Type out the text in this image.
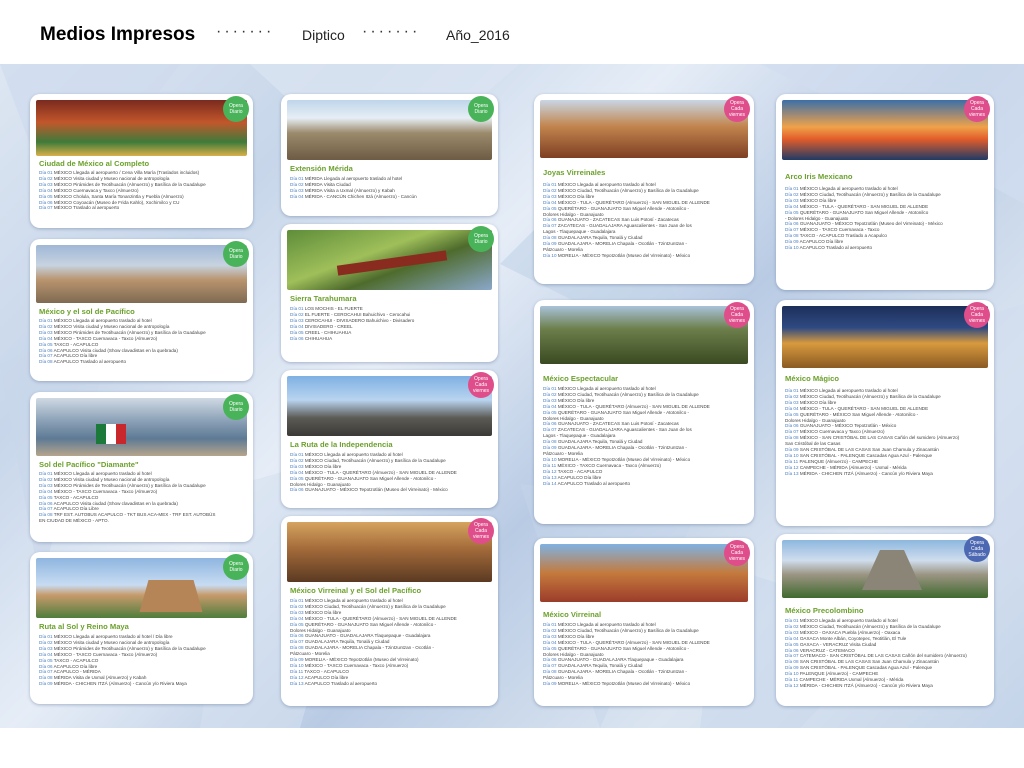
Medios Impresos ······· Diptico ······· Año_2016
Opera
Diario
Ciudad de México al Completo
Día 01 MÉXICO Llegada al aeropuerto / Cena Villa María (Traslados incluidos)
Día 02 MÉXICO Visita ciudad y Museo nacional de antropología
Día 03 MÉXICO Pirámides de Teotihuacán (Almuerzo) y Basílica de la Guadalupe
Día 04 MÉXICO Cuernavaca y Taxco (Almuerzo)
Día 05 MÉXICO Cholula, Santa María Tonanzintla y Puebla (Almuerzo)
Día 06 MÉXICO Coyoacán (Museo de Frida Kahlo), Xochimilco y CU
Día 07 MÉXICO Traslado al aeropuerto
Opera
Diario
México y el sol de Pacífico
Día 01 MÉXICO Llegada al aeropuerto traslado al hotel
Día 02 MÉXICO Visita ciudad y Museo nacional de antropología
Día 03 MÉXICO Pirámides de Teotihuacán (Almuerzo) y Basílica de la Guadalupe
Día 04 MÉXICO - TAXCO Cuernavaca - Taxco (Almuerzo)
Día 05 TAXCO - ACAPULCO
Día 06 ACAPULCO Visita ciudad (Show clavadistas en la quebrada)
Día 07 ACAPULCO Día libre
Día 08 ACAPULCO Traslado al aeropuerto
Opera
Diario
Sol del Pacífico "Diamante"
Día 01 MÉXICO Llegada al aeropuerto traslado al hotel
Día 02 MÉXICO Visita ciudad y Museo nacional de antropología
Día 03 MÉXICO Pirámides de Teotihuacán (Almuerzo) y Basílica de la Guadalupe
Día 04 MÉXICO - TAXCO Cuernavaca - Taxco (Almuerzo)
Día 05 TAXCO - ACAPULCO
Día 06 ACAPULCO Visita ciudad (Show clavadistas en la quebrada)
Día 07 ACAPULCO Día Libre
Día 08 TRF EST. AUTOBUS ACAPULCO - TKT BUS ACA-MEX - TRF EST. AUTOBÚS
EN CIUDAD DE MÉXICO - APTO.
Opera
Diario
Ruta al Sol y Reino Maya
Día 01 MÉXICO Llegada al aeropuerto traslado al hotel / Día libre
Día 02 MÉXICO Visita ciudad y Museo nacional de antropología
Día 03 MÉXICO Pirámides de Teotihuacán (Almuerzo) y Basílica de la Guadalupe
Día 04 MÉXICO - TAXCO Cuernavaca - Taxco (Almuerzo)
Día 05 TAXCO - ACAPULCO
Día 06 ACAPULCO Día libre
Día 07 ACAPULCO - MÉRIDA
Día 08 MÉRIDA Visita de Uxmal (Almuerzo) y Kabah
Día 09 MÉRIDA - CHICHEN ITZÁ (Almuerzo) - Cancún y/o Riviera Maya
Opera
Diario
Extensión Mérida
Día 01 MÉRIDA Llegada al aeropuerto traslado al hotel
Día 02 MÉRIDA Visita Ciudad
Día 03 MÉRIDA Visita a Uxmal (Almuerzo) y Kabah
Día 04 MÉRIDA - CANCÚN Chichen Itzá (Almuerzo) - Cancún
Opera
Diario
Sierra Tarahumara
Día 01 LOS MOCHIS - EL FUERTE
Día 02 EL FUERTE - CEROCAHUI Bahuichivo - Cerocahui
Día 03 CEROCAHUI - DIVISADERO Bahuichivo - Divisadero
Día 04 DIVISADERO - CREEL
Día 05 CREEL - CHIHUAHUA
Día 06 CHIHUAHUA
Opera
Cada
viernes
La Ruta de la Independencia
Día 01 MÉXICO Llegada al aeropuerto traslado al hotel
Día 02 MÉXICO Ciudad, Teotihuacán (Almuerzo) y Basílica de la Guadalupe
Día 03 MÉXICO Día libre
Día 04 MÉXICO - TULA - QUERÉTARO (Almuerzo) - SAN MIGUEL DE ALLENDE
Día 05 QUERÉTARO - GUANAJUATO San Miguel Allende - Atotonilco -
Dolores Hidalgo - Guanajuato
Día 06 GUANAJUATO - MÉXICO Tepotzotlán (Museo del Virreinato) - México
Opera
Cada
viernes
México Virreinal y el Sol del Pacífico
Día 01 MÉXICO Llegada al aeropuerto traslado al hotel
Día 02 MÉXICO Ciudad, Teotihuacán (Almuerzo) y Basílica de la Guadalupe
Día 03 MÉXICO Día libre
Día 04 MÉXICO - TULA - QUERÉTARO (Almuerzo) - SAN MIGUEL DE ALLENDE
Día 05 QUERÉTARO - GUANAJUATO San Miguel Allende - Atotonilco -
Dolores Hidalgo - Guanajuato
Día 06 GUANAJUATO - GUADALAJARA Tlaquepaque - Guadalajara
Día 07 GUADALAJARA Tequila, Tonalá y Ciudad
Día 08 GUADALAJARA - MORELIA Chapala - Tzintzuntzan - Ocotlán -
Pátzcuaro - Morelia
Día 09 MORELIA - MÉXICO Tepotzotlán (Museo del Virreinato)
Día 10 MÉXICO - TAXCO Cuernavaca - Taxco (Almuerzo)
Día 11 TAXCO - ACAPULCO
Día 12 ACAPULCO Día libre
Día 13 ACAPULCO Traslado al aeropuerto
Opera
Cada
viernes
Joyas Virreinales
Día 01 MÉXICO Llegada al aeropuerto traslado al hotel
Día 02 MÉXICO Ciudad, Teotihuacán (Almuerzo) y Basílica de la Guadalupe
Día 03 MÉXICO Día libre
Día 04 MÉXICO - TULA - QUERÉTARO (Almuerzo) - SAN MIGUEL DE ALLENDE
Día 05 QUERÉTARO - GUANAJUATO San Miguel Allende - Atotonilco -
Dolores Hidalgo - Guanajuato
Día 06 GUANAJUATO - ZACATECAS San Luis Potosí - Zacatecas
Día 07 ZACATECAS - GUADALAJARA Aguascalientes - San Juan de los
Lagos - Tlaquepaque - Guadalajara
Día 08 GUADALAJARA Tequila, Tonalá y Ciudad
Día 09 GUADALAJARA - MORELIA Chapala - Ocotlán - Tzintzuntzan -
Pátzcuaro - Morelia
Día 10 MORELIA - MÉXICO Tepotzotlán (Museo del Virreinato) - México
Opera
Cada
viernes
México Espectacular
Día 01 MÉXICO Llegada al aeropuerto traslado al hotel
Día 02 MÉXICO Ciudad, Teotihuacán (Almuerzo) y Basílica de la Guadalupe
Día 03 MÉXICO Día libre
Día 04 MÉXICO - TULA - QUERÉTARO (Almuerzo) - SAN MIGUEL DE ALLENDE
Día 05 QUERÉTARO - GUANAJUATO San Miguel Allende - Atotonilco -
Dolores Hidalgo - Guanajuato
Día 06 GUANAJUATO - ZACATECAS San Luis Potosí - Zacatecas
Día 07 ZACATECAS - GUADALAJARA Aguascalientes - San Juan de los
Lagos - Tlaquepaque - Guadalajara
Día 08 GUADALAJARA Tequila, Tonalá y Ciudad
Día 09 GUADALAJARA - MORELIA Chapala - Ocotlán - Tzintzuntzan -
Pátzcuaro - Morelia
Día 10 MORELIA - MÉXICO Tepotzotlán (Museo del Virreinato) - México
Día 11 MÉXICO - TAXCO Cuernavaca - Taxco (Almuerzo)
Día 12 TAXCO - ACAPULCO
Día 13 ACAPULCO Día libre
Día 14 ACAPULCO Traslado al aeropuerto
Opera
Cada
viernes
México Virreinal
Día 01 MÉXICO Llegada al aeropuerto traslado al hotel
Día 02 MÉXICO Ciudad, Teotihuacán (Almuerzo) y Basílica de la Guadalupe
Día 03 MÉXICO Día libre
Día 04 MÉXICO - TULA - QUERÉTARO (Almuerzo) - SAN MIGUEL DE ALLENDE
Día 05 QUERÉTARO - GUANAJUATO San Miguel Allende - Atotonilco -
Dolores Hidalgo - Guanajuato
Día 06 GUANAJUATO - GUADALAJARA Tlaquepaque - Guadalajara
Día 07 GUADALAJARA Tequila, Tonalá y Ciudad
Día 08 GUADALAJARA - MORELIA Chapala - Ocotlán - Tzintzuntzan -
Pátzcuaro - Morelia
Día 09 MORELIA - MÉXICO Tepotzotlán (Museo del Virreinato) - México
Opera
Cada
viernes
Arco Iris Mexicano
Día 01 MÉXICO Llegada al aeropuerto traslado al hotel
Día 02 MÉXICO Ciudad, Teotihuacán (Almuerzo) y Basílica de la Guadalupe
Día 03 MÉXICO Día libre
Día 04 MÉXICO - TULA - QUERÉTARO - SAN MIGUEL DE ALLENDE
Día 05 QUERÉTARO - GUANAJUATO San Miguel Allende - Atotonilco
- Dolores Hidalgo - Guanajuato
Día 06 GUANAJUATO - MÉXICO Tepotzotlán (Museo del Virreinato) - México
Día 07 MÉXICO - TAXCO Cuernavaca - Taxco
Día 08 TAXCO - ACAPULCO Traslado a Acapulco
Día 09 ACAPULCO Día libre
Día 10 ACAPULCO Traslado al aeropuerto
Opera
Cada
viernes
México Mágico
Día 01 MÉXICO Llegada al aeropuerto traslado al hotel
Día 02 MÉXICO Ciudad, Teotihuacán (Almuerzo) y Basílica de la Guadalupe
Día 03 MÉXICO Día libre
Día 04 MÉXICO - TULA - QUERÉTARO - SAN MIGUEL DE ALLENDE
Día 05 QUERÉTARO - MÉXICO San Miguel Allende - Atotonilco -
Dolores Hidalgo - Guanajuato
Día 06 GUANAJUATO - MÉXICO Tepotzotlán - México
Día 07 MÉXICO Cuernavaca y Taxco (Almuerzo)
Día 08 MÉXICO - SAN CRISTÓBAL DE LAS CASAS Cañón del sumidero (Almuerzo)
San Cristóbal de las Casas
Día 09 SAN CRISTÓBAL DE LAS CASAS San Juan Chamula y Zinacantán
Día 10 SAN CRISTÓBAL - PALENQUE Cascadas Agua Azul - Palenque
Día 11 PALENQUE (Almuerzo) - CAMPECHE
Día 12 CAMPECHE - MÉRIDA (Almuerzo) - Uxmal - Mérida
Día 13 MÉRIDA - CHICHEN ITZÁ (Almuerzo) - Cancún y/o Riviera Maya
Opera
Cada
Sábado
México Precolombino
Día 01 MÉXICO Llegada al aeropuerto traslado al hotel
Día 02 MÉXICO Ciudad, Teotihuacán (Almuerzo) y Basílica de la Guadalupe
Día 03 MÉXICO - OAXACA Puebla (Almuerzo) - Oaxaca
Día 04 OAXACA Monte Albán, Coyotepec, Teotitlán, El Tule
Día 05 OAXACA - VERACRUZ Visita Ciudad
Día 06 VERACRUZ - CATEMACO
Día 07 CATEMACO - SAN CRISTÓBAL DE LAS CASAS Cañón del sumidero (Almuerzo)
Día 08 SAN CRISTÓBAL DE LAS CASAS San Juan Chamula y Zinacantán
Día 09 SAN CRISTÓBAL - PALENQUE Cascadas Agua Azul - Palenque
Día 10 PALENQUE (Almuerzo) - CAMPECHE
Día 11 CAMPECHE - MÉRIDA Uxmal (Almuerzo) - Mérida
Día 12 MÉRIDA - CHICHEN ITZÁ (Almuerzo) - Cancún y/o Riviera Maya
